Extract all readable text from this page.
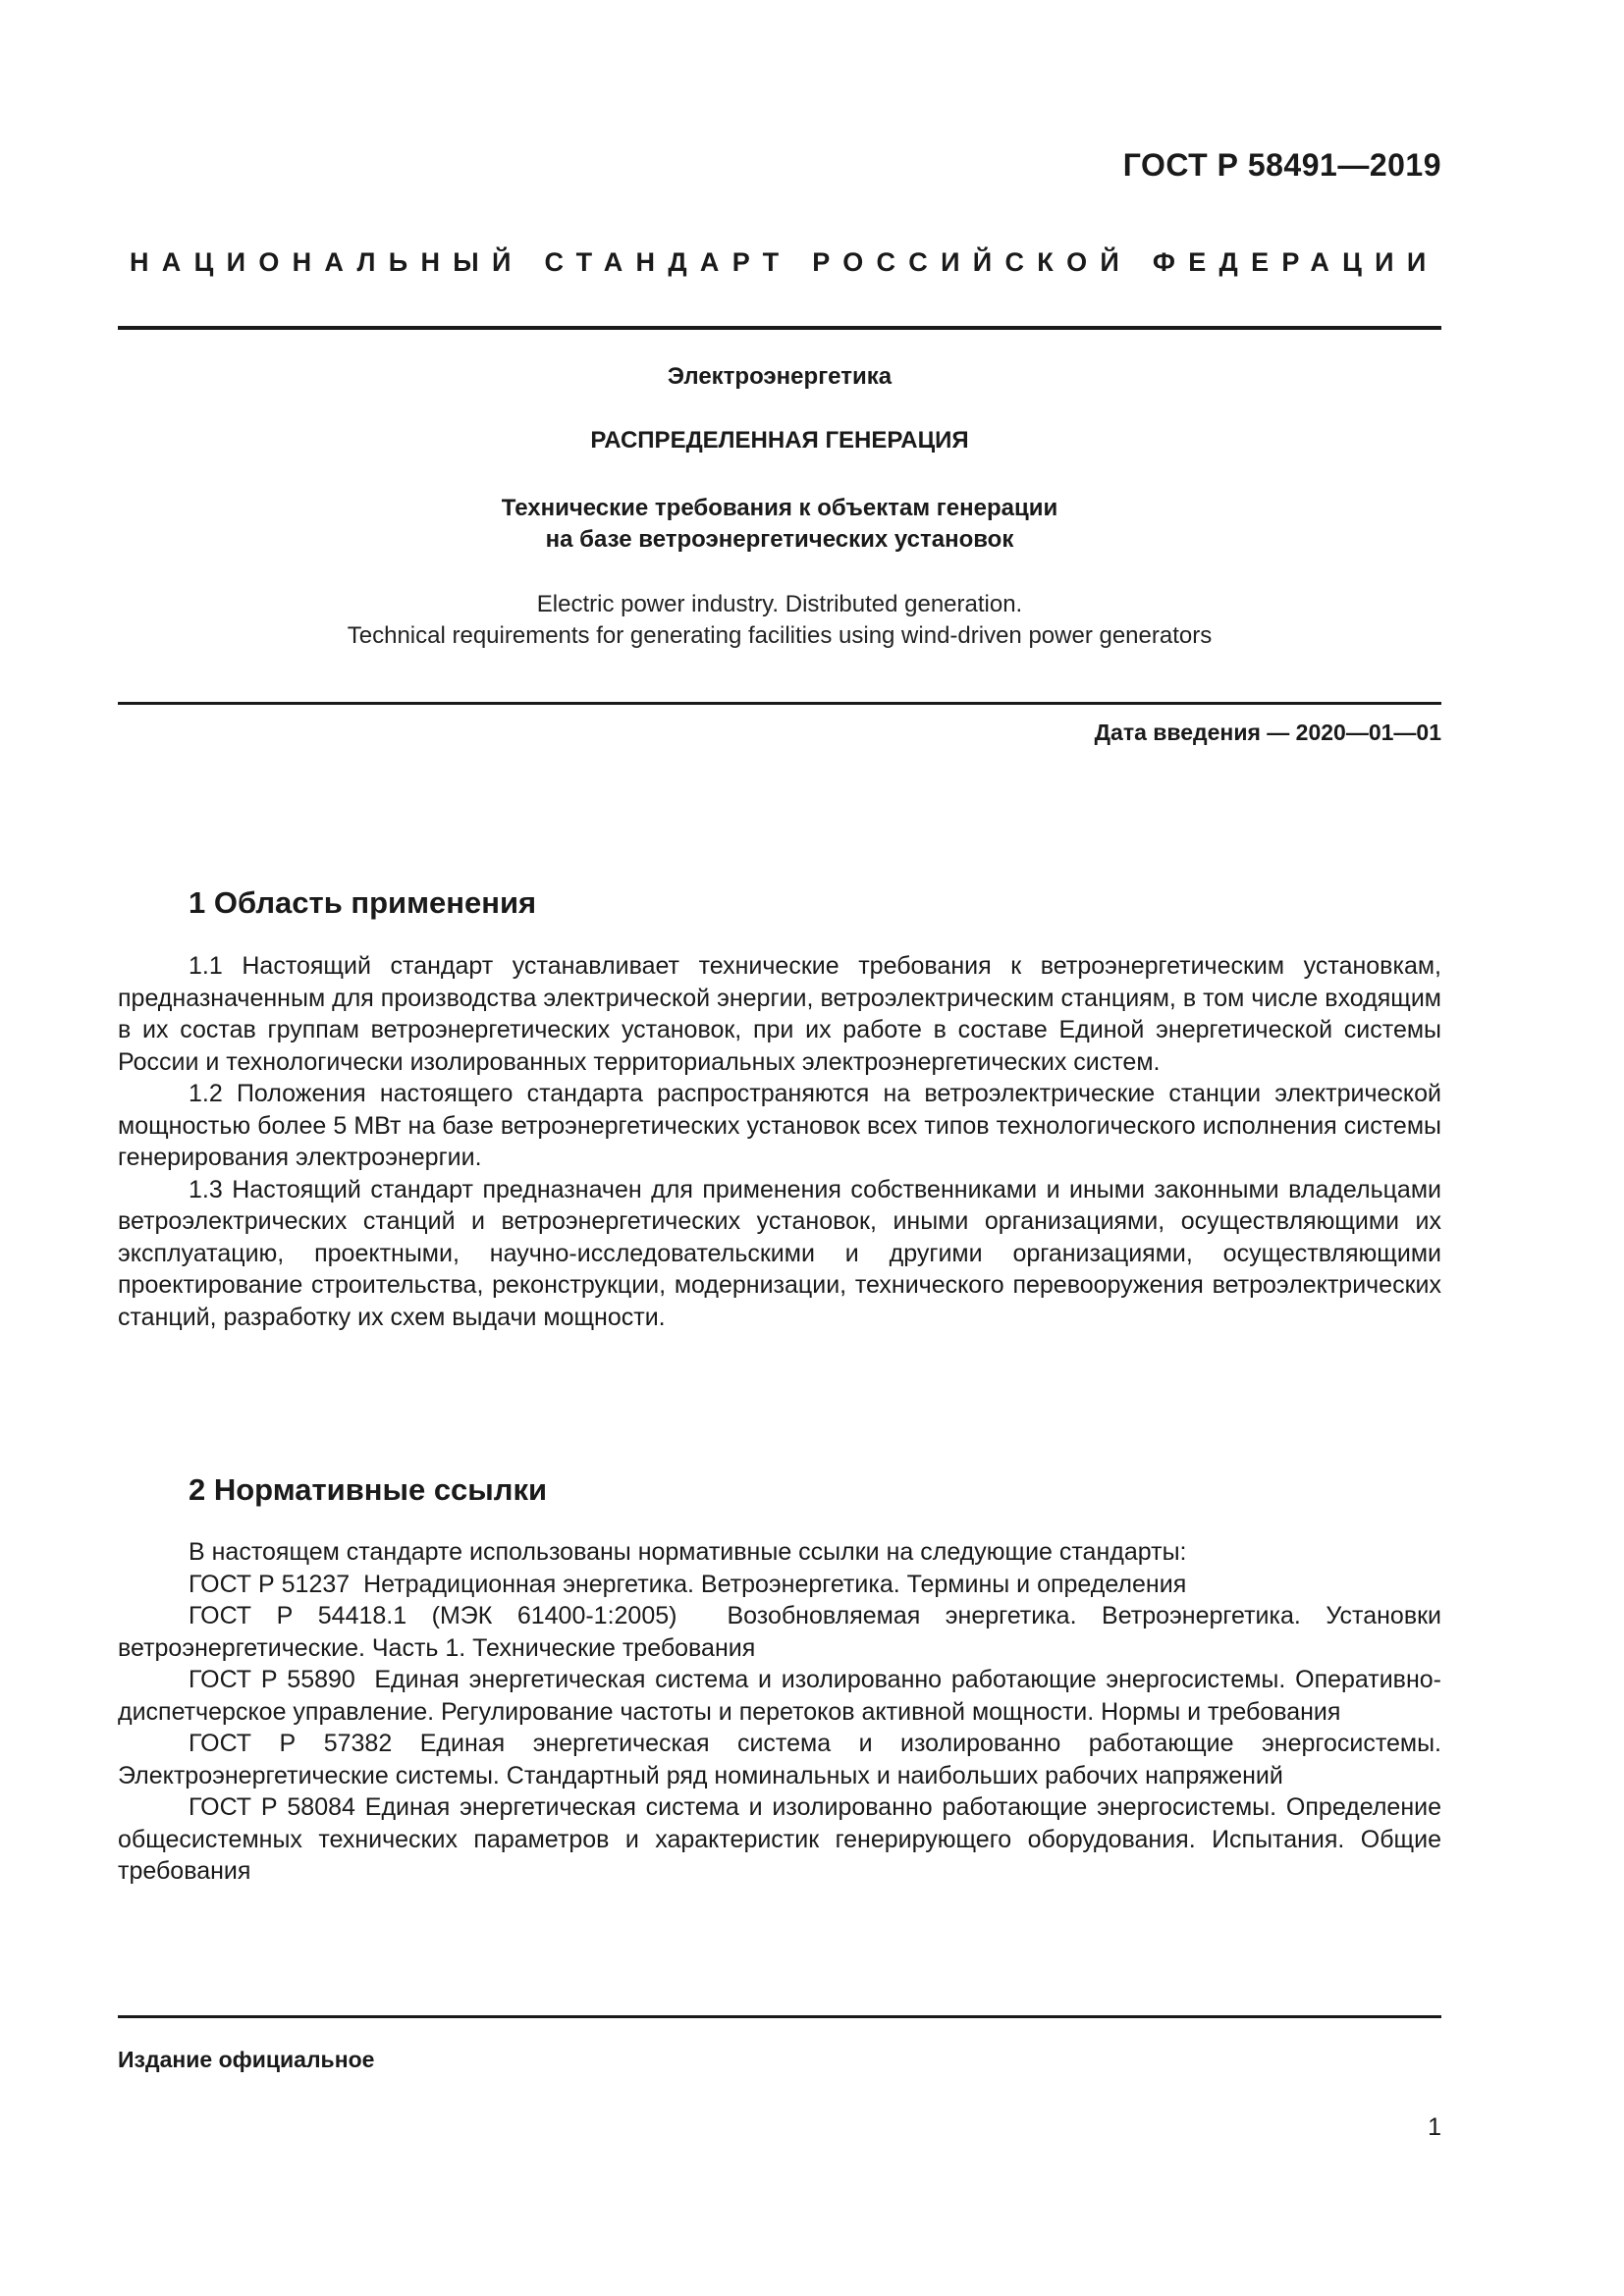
ГОСТ Р 58491—2019
НАЦИОНАЛЬНЫЙ СТАНДАРТ РОССИЙСКОЙ ФЕДЕРАЦИИ
Электроэнергетика
РАСПРЕДЕЛЕННАЯ ГЕНЕРАЦИЯ
Технические требования к объектам генерации
на базе ветроэнергетических установок
Electric power industry. Distributed generation.
Technical requirements for generating facilities using wind-driven power generators
Дата введения — 2020—01—01
1 Область применения

1.1 Настоящий стандарт устанавливает технические требования к ветроэнергетическим установкам, предназначенным для производства электрической энергии, ветроэлектрическим станциям, в том числе входящим в их состав группам ветроэнергетических установок, при их работе в составе Единой энергетической системы России и технологически изолированных территориальных электроэнергетических систем.

1.2 Положения настоящего стандарта распространяются на ветроэлектрические станции электрической мощностью более 5 МВт на базе ветроэнергетических установок всех типов технологического исполнения системы генерирования электроэнергии.

1.3 Настоящий стандарт предназначен для применения собственниками и иными законными владельцами ветроэлектрических станций и ветроэнергетических установок, иными организациями, осуществляющими их эксплуатацию, проектными, научно-исследовательскими и другими организациями, осуществляющими проектирование строительства, реконструкции, модернизации, технического перевооружения ветроэлектрических станций, разработку их схем выдачи мощности.

2 Нормативные ссылки

В настоящем стандарте использованы нормативные ссылки на следующие стандарты:

ГОСТ Р 51237  Нетрадиционная энергетика. Ветроэнергетика. Термины и определения

ГОСТ Р 54418.1 (МЭК 61400-1:2005)  Возобновляемая энергетика. Ветроэнергетика. Установки ветроэнергетические. Часть 1. Технические требования

ГОСТ Р 55890  Единая энергетическая система и изолированно работающие энергосистемы. Оперативно-диспетчерское управление. Регулирование частоты и перетоков активной мощности. Нормы и требования

ГОСТ Р 57382 Единая энергетическая система и изолированно работающие энергосистемы. Электроэнергетические системы. Стандартный ряд номинальных и наибольших рабочих напряжений

ГОСТ Р 58084 Единая энергетическая система и изолированно работающие энергосистемы. Определение общесистемных технических параметров и характеристик генерирующего оборудования. Испытания. Общие требования

Издание официальное
1
